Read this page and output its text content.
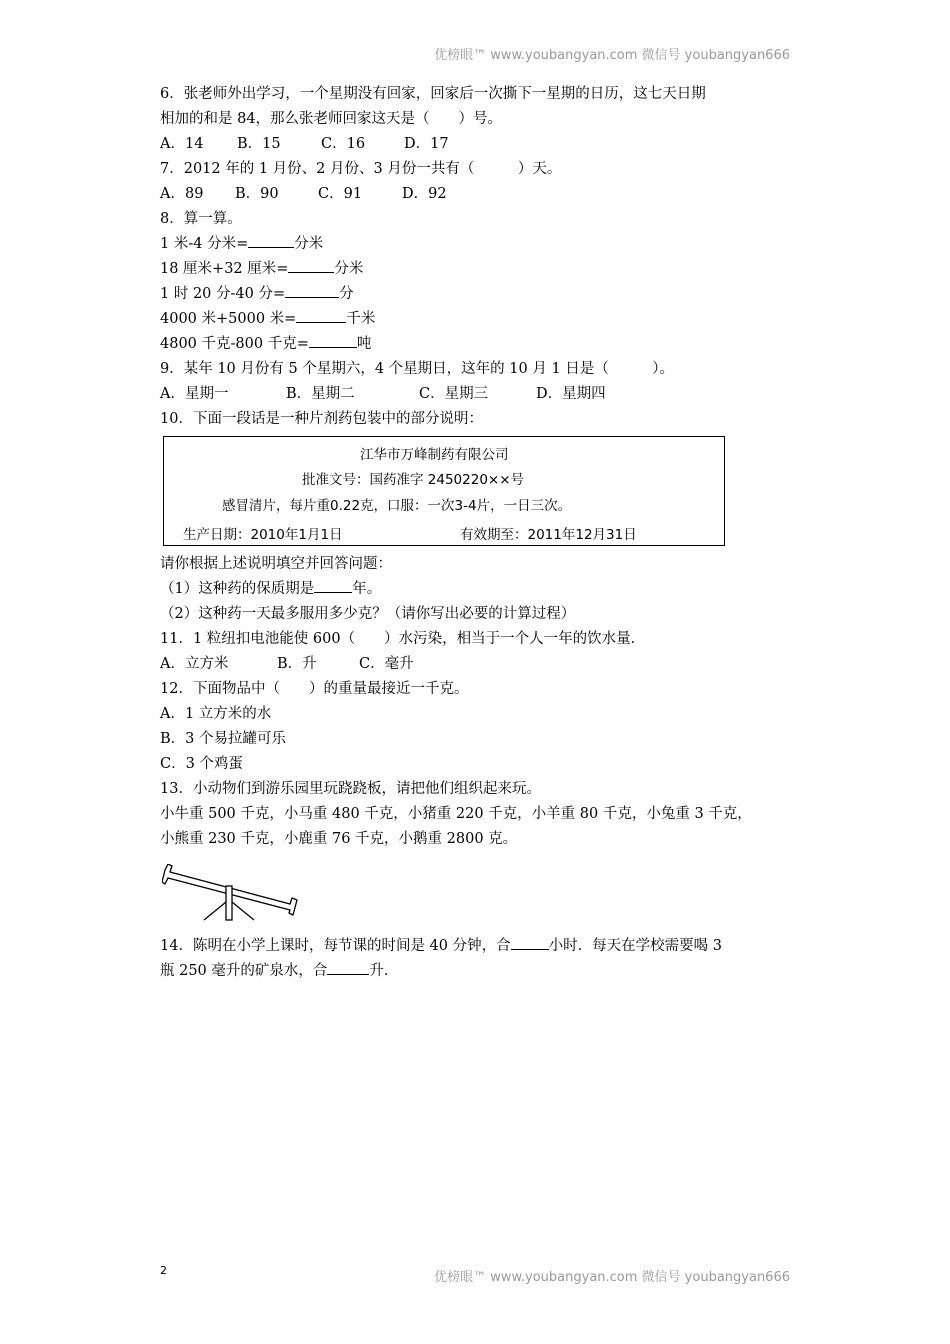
优榜眼™ www.youbangyan.com 微信号 youbangyan666
6．张老师外出学习，一个星期没有回家，回家后一次撕下一星期的日历，这七天日期
相加的和是 84，那么张老师回家这天是（　　）号。
A．14 B．15	C．16	D．17
7．2012 年的 1 月份、2 月份、3 月份一共有（　　　）天。
A．89 B．90	C．91	D．92
8．算一算。
1 米-4 分米=	分米
18 厘米+32 厘米=	分米
1 时 20 分-40 分=	分
4000 米+5000 米=	千米
4800 千克-800 千克=	吨
9．某年 10 月份有 5 个星期六，4 个星期日，这年的 10 月 1 日是（　　　）。
A．星期一	B．星期二	C．星期三	D．星期四
10．下面一段话是一种片剂药包装中的部分说明：
江华市万峰制药有限公司
批准文号：国药准字 2450220××号
感冒清片，每片重0.22克，口服：一次3-4片，一日三次。
生产日期：2010年1月1日	有效期至：2011年12月31日
请你根据上述说明填空并回答问题：
（1）这种药的保质期是	年。
（2）这种药一天最多服用多少克？（请你写出必要的计算过程）
11．1 粒纽扣电池能使 600（　　）水污染，相当于一个人一年的饮水量．
A．立方米	B．升	C．毫升
12．下面物品中（　　）的重量最接近一千克。
A．1 立方米的水
B．3 个易拉罐可乐
C．3 个鸡蛋
13．小动物们到游乐园里玩跷跷板，请把他们组织起来玩。
小牛重 500 千克，小马重 480 千克，小猪重 220 千克，小羊重 80 千克，小兔重 3 千克，
小熊重 230 千克，小鹿重 76 千克，小鹅重 2800 克。
14．陈明在小学上课时，每节课的时间是 40 分钟，合	小时．每天在学校需要喝 3
瓶 250 毫升的矿泉水，合	升．
2	优榜眼™ www.youbangyan.com 微信号 youbangyan666
